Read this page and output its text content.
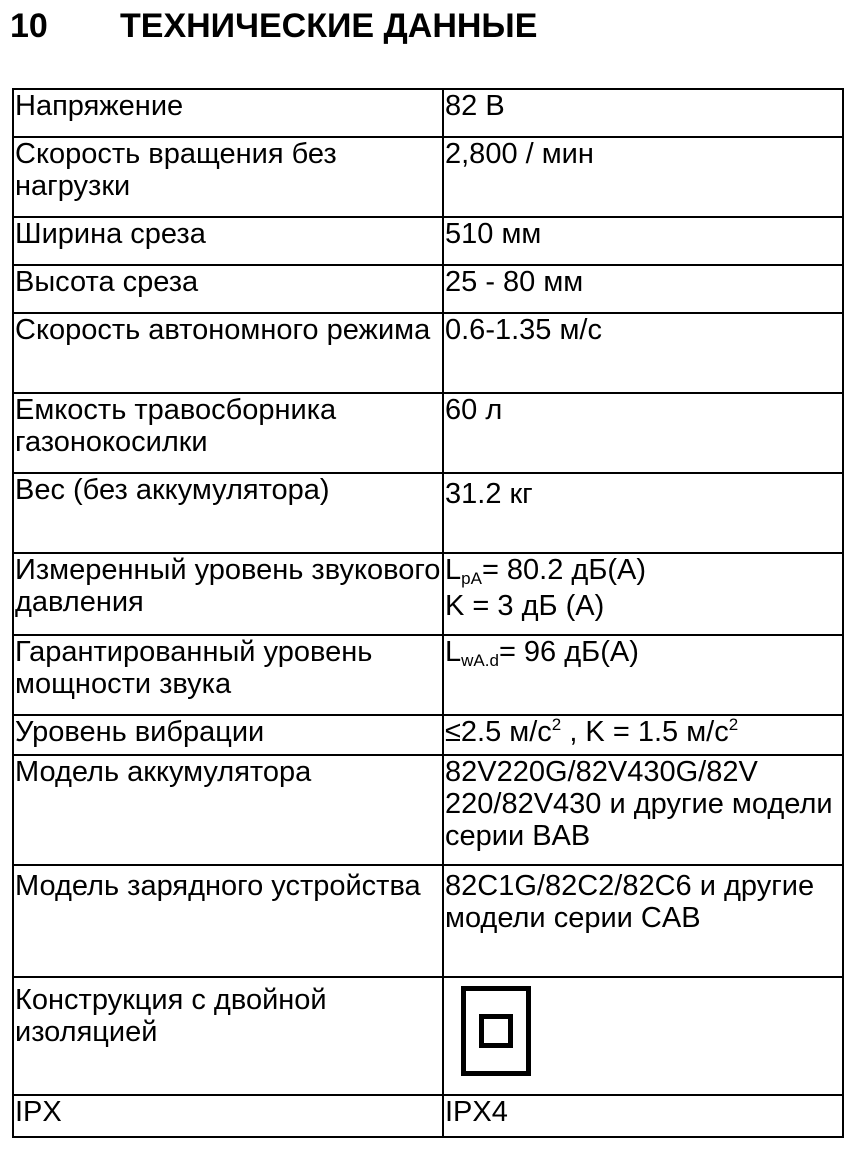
10 ТЕХНИЧЕСКИЕ ДАННЫЕ
Напряжение	82 В
Скорость вращения без нагрузки	2,800 / мин
Ширина среза	510 мм
Высота среза	25 - 80 мм
Скорость автономного режима	0.6-1.35 м/с
Емкость травосборника газонокосилки	60 л
Вес (без аккумулятора)	31.2 кг
Измеренный уровень звукового давления	LpA= 80.2 дБ(A)
K = 3 дБ (A)

Гарантированный уровень мощности звука	LwA.d= 96 дБ(A)
Уровень вибрации	≤2.5 $м/с^2$ , K = 1.5 $м/с^2$
Модель аккумулятора	82V220G/82V430G/82V 220/82V430 и другие модели серии BAB
Модель зарядного устройства	82C1G/82C2/82C6 и другие модели серии CAB
Конструкция с двойной изоляцией	

IPX	IPX4
